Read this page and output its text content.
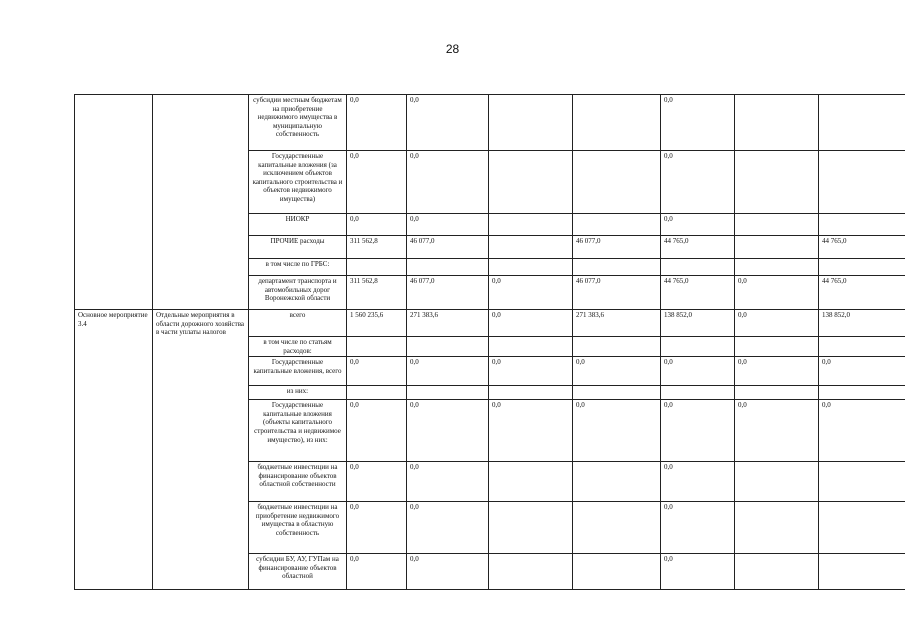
28
		субсидии местным бюджетам на приобретение недвижимого имущества в муниципальную собственность	0,0	0,0			0,0		
		Государственные капитальные вложения (за исключением объектов капитального строительства и объектов недвижимого имущества)	0,0	0,0			0,0		
		НИОКР	0,0	0,0			0,0		
		ПРОЧИЕ расходы	311 562,8	46 077,0		46 077,0	44 765,0		44 765,0
		в том числе по ГРБС:							
		департамент транспорта и автомобильных дорог Воронежской области	311 562,8	46 077,0	0,0	46 077,0	44 765,0	0,0	44 765,0
Основное мероприятие 3.4	Отдельные мероприятия в области дорожного хозяйства в части уплаты налогов	всего	1 560 235,6	271 383,6	0,0	271 383,6	138 852,0	0,0	138 852,0
		в том числе по статьям расходов:							
		Государственные капитальные вложения, всего	0,0	0,0	0,0	0,0	0,0	0,0	0,0
		из них:							
		Государственные капитальные вложения (объекты капитального строительства и недвижимое имущество), из них:	0,0	0,0	0,0	0,0	0,0	0,0	0,0
		бюджетные инвестиции на финансирование объектов областной собственности	0,0	0,0			0,0		
		бюджетные инвестиции на приобретение недвижимого имущества в областную собственность	0,0	0,0			0,0		
		субсидии БУ, АУ, ГУПам на финансирование объектов областной	0,0	0,0			0,0		
